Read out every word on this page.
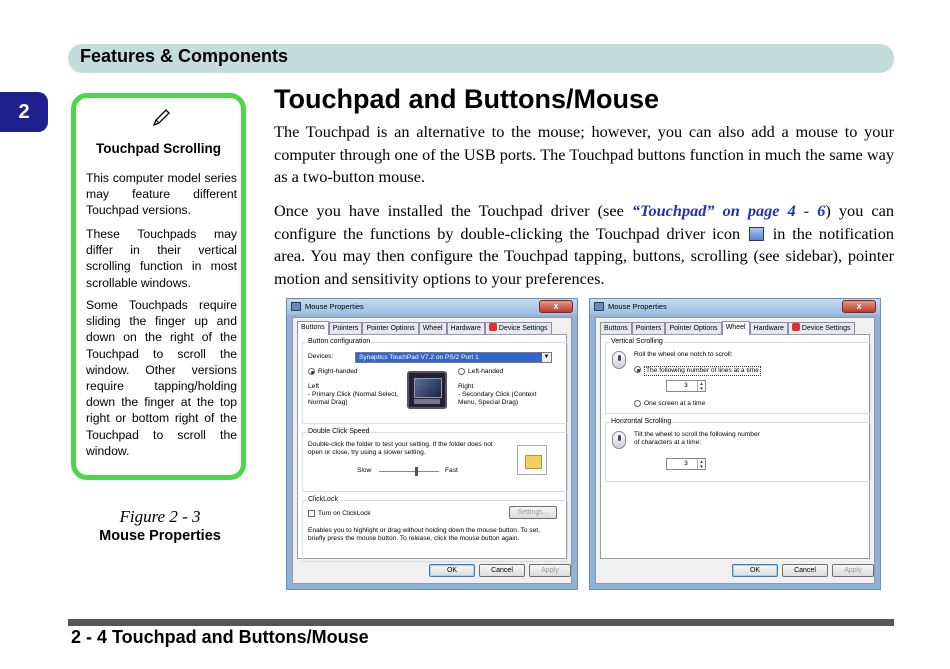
Features & Components
2
Touchpad Scrolling
This computer model series may feature different Touchpad versions.
These Touchpads may differ in their vertical scrolling function in most scrollable windows.
Some Touchpads require sliding the finger up and down on the right of the Touchpad to scroll the window. Other versions require tapping/holding down the finger at the top right or bottom right of the Touchpad to scroll the window.
Figure 2 - 3
Mouse Properties
Touchpad and Buttons/Mouse
The Touchpad is an alternative to the mouse; however, you can also add a mouse to your computer through one of the USB ports. The Touchpad buttons function in much the same way as a two-button mouse.
Once you have installed the Touchpad driver (see “Touchpad” on page 4 - 6) you can configure the functions by double-clicking the Touchpad driver icon  in the notification area. You may then configure the Touchpad tapping, buttons, scrolling (see sidebar), pointer motion and sensitivity options to your preferences.
Mouse Properties	x
Buttons	Pointers	Pointer Options	Wheel	Hardware	Device Settings
Button configuration
Devices:	Synaptics TouchPad V7.2 on PS/2 Port 1	▼
Right-handed	Left-handed
Left
- Primary Click (Normal Select,
Normal Drag)
Right
- Secondary Click (Context
Menu, Special Drag)
Double Click Speed
Double-click the folder to test your setting. If the folder does not
open or close, try using a slower setting.
Slow	Fast
ClickLock
Turn on ClickLock	Settings...
Enables you to highlight or drag without holding down the mouse button. To set,
briefly press the mouse button. To release, click the mouse button again.
OK	Cancel	Apply
Mouse Properties	x
Buttons	Pointers	Pointer Options	Wheel	Hardware	Device Settings
Vertical Scrolling
Roll the wheel one notch to scroll:
The following number of lines at a time
3	▲
▼
One screen at a time
Horizontal Scrolling
Tilt the wheel to scroll the following number
of characters at a time:
3	▲
▼
OK	Cancel	Apply
2 - 4 Touchpad and Buttons/Mouse
